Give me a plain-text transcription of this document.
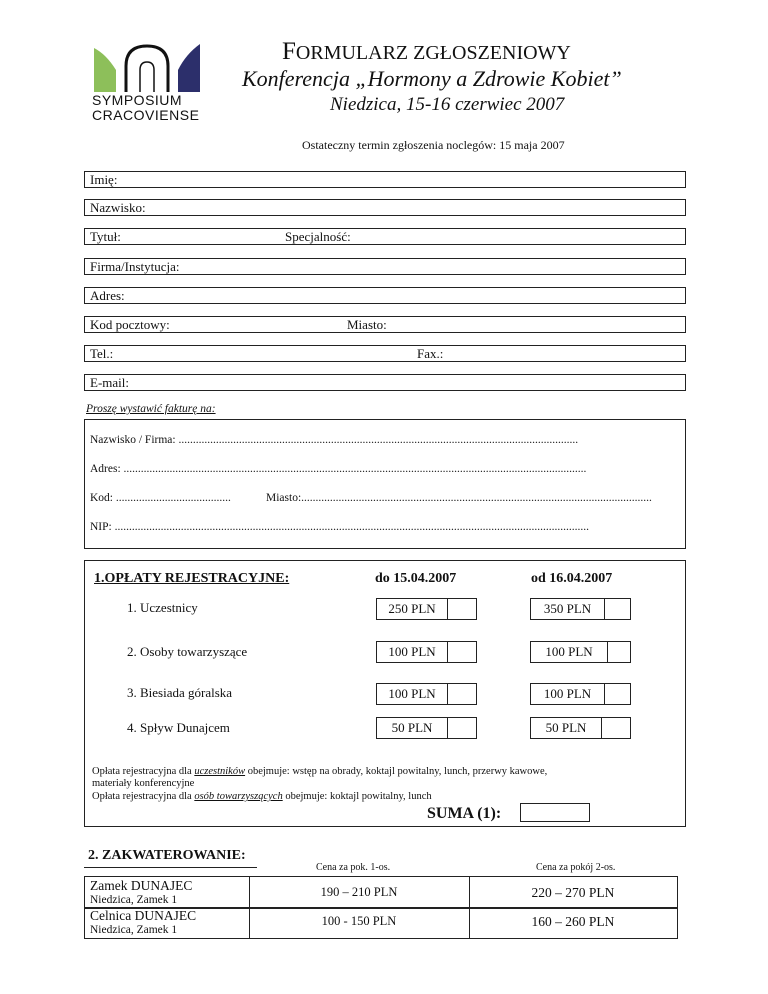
SYMPOSIUM
CRACOVIENSE
FORMULARZ ZGŁOSZENIOWY
Konferencja „Hormony a Zdrowie Kobiet”
Niedzica, 15-16 czerwiec 2007
Ostateczny termin zgłoszenia noclegów: 15 maja 2007
Imię:
Nazwisko:
Tytuł:	Specjalność:
Firma/Instytucja:
Adres:
Kod pocztowy:	Miasto:
Tel.:	Fax.:
E-mail:
Proszę wystawić fakturę na:
Nazwisko / Firma: ...........................................................................................................................................
Adres: .................................................................................................................................................................
Kod: ........................................	Miasto:..........................................................................................................................
NIP: .....................................................................................................................................................................
1.OPŁATY REJESTRACYJNE:	do 15.04.2007	od 16.04.2007
1. Uczestnicy	250 PLN	350 PLN
2. Osoby towarzyszące	100 PLN	100 PLN
3. Biesiada góralska	100 PLN	100 PLN
4. Spływ Dunajcem	50 PLN	50 PLN
Opłata rejestracyjna dla uczestników obejmuje: wstęp na obrady, koktajl powitalny, lunch, przerwy kawowe,
materiały konferencyjne
Opłata rejestracyjna dla osób towarzyszących obejmuje: koktajl powitalny, lunch
SUMA (1):
2. ZAKWATEROWANIE:
Cena za pok. 1-os.	Cena za pokój 2-os.
Zamek DUNAJEC
Niedzica, Zamek 1
190 – 210 PLN	220 – 270 PLN
Celnica DUNAJEC
Niedzica, Zamek 1
100 - 150 PLN	160 – 260 PLN
